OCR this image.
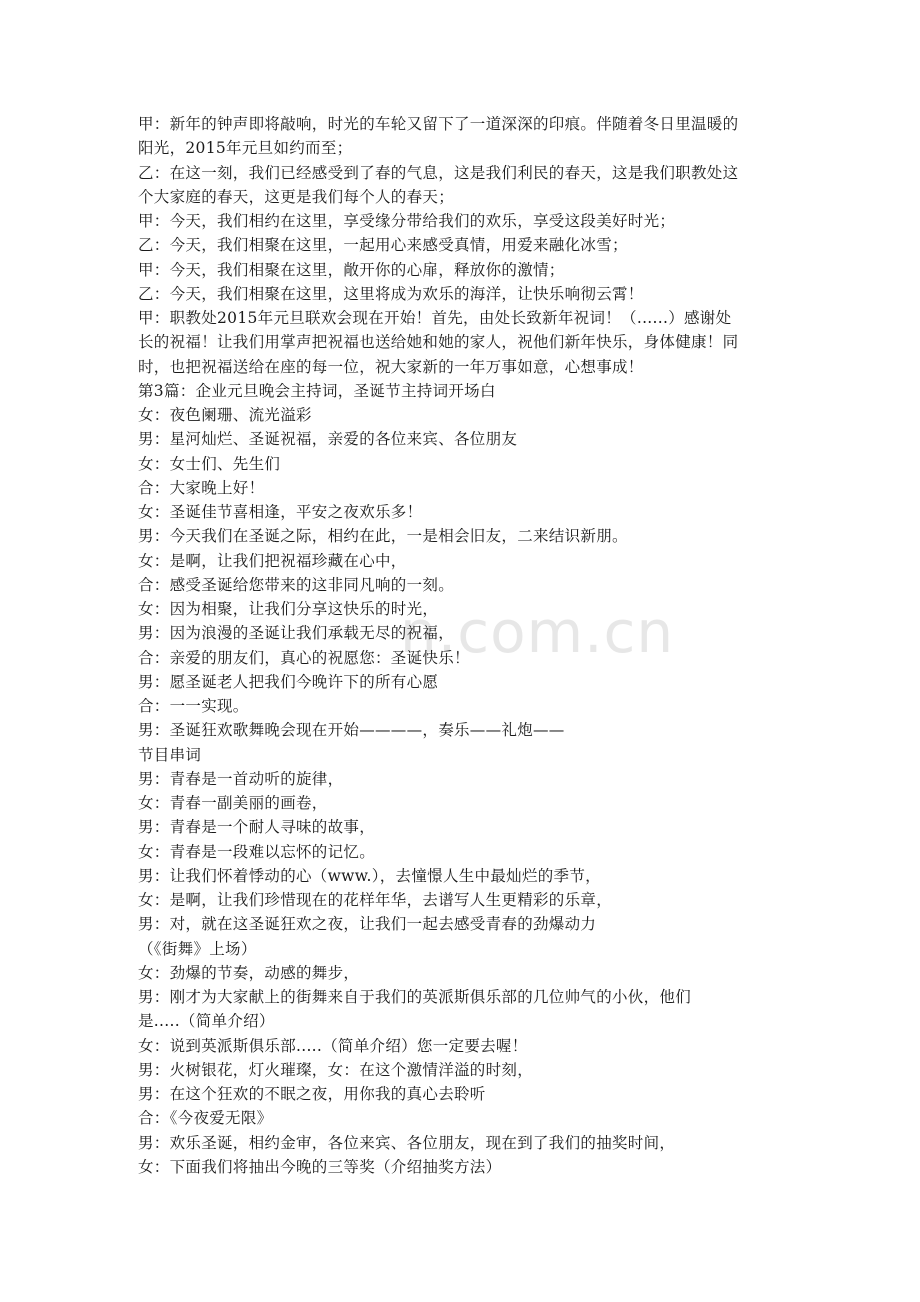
n.com.cn
甲：新年的钟声即将敲响，时光的车轮又留下了一道深深的印痕。伴随着冬日里温暖的
阳光，2015年元旦如约而至；
乙：在这一刻，我们已经感受到了春的气息，这是我们利民的春天，这是我们职教处这
个大家庭的春天，这更是我们每个人的春天；
甲：今天，我们相约在这里，享受缘分带给我们的欢乐，享受这段美好时光；
乙：今天，我们相聚在这里，一起用心来感受真情，用爱来融化冰雪；
甲：今天，我们相聚在这里，敞开你的心扉，释放你的激情；
乙：今天，我们相聚在这里，这里将成为欢乐的海洋，让快乐响彻云霄！
甲：职教处2015年元旦联欢会现在开始！首先，由处长致新年祝词！（......）感谢处
长的祝福！让我们用掌声把祝福也送给她和她的家人，祝他们新年快乐，身体健康！同
时，也把祝福送给在座的每一位，祝大家新的一年万事如意，心想事成！
第3篇：企业元旦晚会主持词，圣诞节主持词开场白
女：夜色阑珊、流光溢彩
男：星河灿烂、圣诞祝福，亲爱的各位来宾、各位朋友
女：女士们、先生们
合：大家晚上好！
女：圣诞佳节喜相逢，平安之夜欢乐多！
男：今天我们在圣诞之际，相约在此，一是相会旧友，二来结识新朋。
女：是啊，让我们把祝福珍藏在心中，
合：感受圣诞给您带来的这非同凡响的一刻。
女：因为相聚，让我们分享这快乐的时光，
男：因为浪漫的圣诞让我们承载无尽的祝福，
合：亲爱的朋友们，真心的祝愿您：圣诞快乐！
男：愿圣诞老人把我们今晚许下的所有心愿
合：一一实现。
男：圣诞狂欢歌舞晚会现在开始————，奏乐——礼炮——
节目串词
男：青春是一首动听的旋律，
女：青春一副美丽的画卷，
男：青春是一个耐人寻味的故事，
女：青春是一段难以忘怀的记忆。
男：让我们怀着悸动的心（www.），去憧憬人生中最灿烂的季节，
女：是啊，让我们珍惜现在的花样年华，去谱写人生更精彩的乐章，
男：对，就在这圣诞狂欢之夜，让我们一起去感受青春的劲爆动力
（《街舞》上场）
女：劲爆的节奏，动感的舞步，
男：刚才为大家献上的街舞来自于我们的英派斯俱乐部的几位帅气的小伙，他们
是.....（简单介绍）
女：说到英派斯俱乐部.....（简单介绍）您一定要去喔！
男：火树银花，灯火璀璨，女：在这个激情洋溢的时刻，
男：在这个狂欢的不眠之夜，用你我的真心去聆听
合：《今夜爱无限》
男：欢乐圣诞，相约金审，各位来宾、各位朋友，现在到了我们的抽奖时间，
女：下面我们将抽出今晚的三等奖（介绍抽奖方法）
